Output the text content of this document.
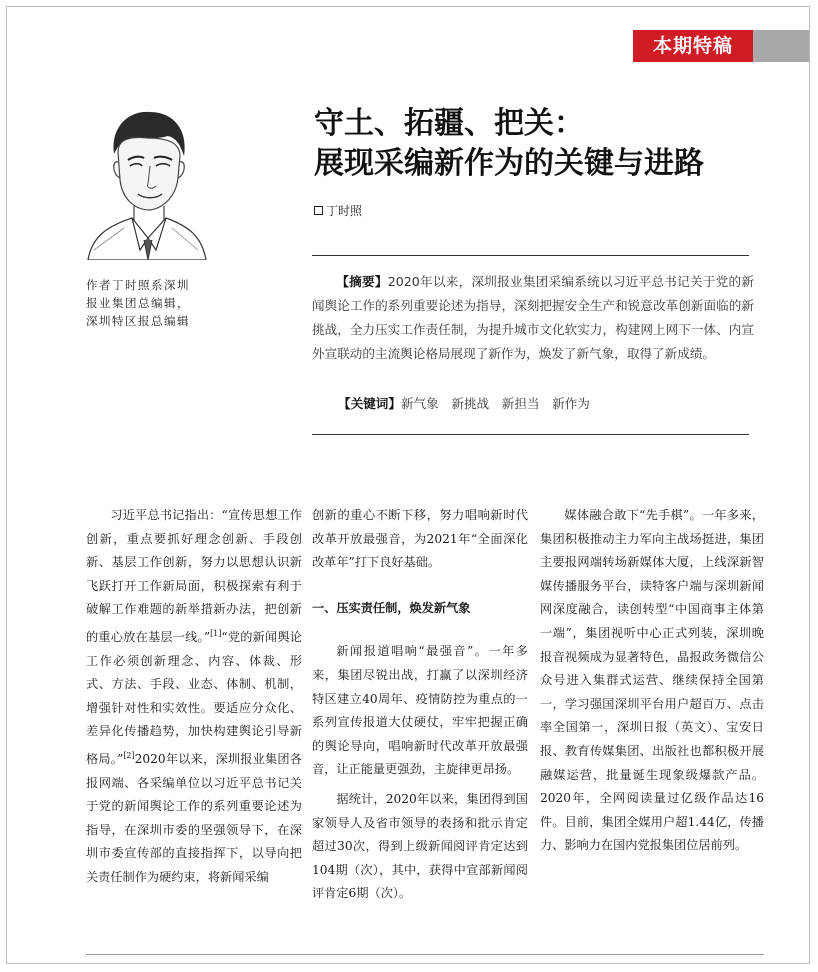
本期特稿
作者丁时照系深圳
报业集团总编辑，
深圳特区报总编辑
守土、拓疆、把关：
展现采编新作为的关键与进路
丁时照
【摘要】2020年以来，深圳报业集团采编系统以习近平总书记关于党的新闻舆论工作的系列重要论述为指导，深刻把握安全生产和锐意改革创新面临的新挑战，全力压实工作责任制，为提升城市文化软实力，构建网上网下一体、内宣外宣联动的主流舆论格局展现了新作为，焕发了新气象，取得了新成绩。
【关键词】新气象　新挑战　新担当　新作为

习近平总书记指出：“宣传思想工作创新，重点要抓好理念创新、手段创新、基层工作创新，努力以思想认识新飞跃打开工作新局面，积极探索有利于破解工作难题的新举措新办法，把创新的重心放在基层一线。”[1]“党的新闻舆论工作必须创新理念、内容、体裁、形式、方法、手段、业态、体制、机制，增强针对性和实效性。要适应分众化、差异化传播趋势，加快构建舆论引导新格局。”[2]2020年以来，深圳报业集团各报网端、各采编单位以习近平总书记关于党的新闻舆论工作的系列重要论述为指导，在深圳市委的坚强领导下，在深圳市委宣传部的直接指挥下，以导向把关责任制作为硬约束，将新闻采编

创新的重心不断下移，努力唱响新时代改革开放最强音，为2021年“全面深化改革年”打下良好基础。

一、压实责任制，焕发新气象

新闻报道唱响“最强音”。一年多来，集团尽锐出战，打赢了以深圳经济特区建立40周年、疫情防控为重点的一系列宣传报道大仗硬仗，牢牢把握正确的舆论导向，唱响新时代改革开放最强音，让正能量更强劲，主旋律更昂扬。

据统计，2020年以来，集团得到国家领导人及省市领导的表扬和批示肯定超过30次，得到上级新闻阅评肯定达到104期（次），其中，获得中宣部新闻阅评肯定6期（次）。

媒体融合敢下“先手棋”。一年多来，集团积极推动主力军向主战场挺进，集团主要报网端转场新媒体大厦，上线深新智媒传播服务平台，读特客户端与深圳新闻网深度融合，读创转型“中国商事主体第一端”，集团视听中心正式列装，深圳晚报音视频成为显著特色，晶报政务微信公众号进入集群式运营、继续保持全国第一，学习强国深圳平台用户超百万、点击率全国第一，深圳日报（英文）、宝安日报、教育传媒集团、出版社也都积极开展融媒运营，批量诞生现象级爆款产品。2020年，全网阅读量过亿级作品达16件。目前，集团全媒用户超1.44亿，传播力、影响力在国内党报集团位居前列。
